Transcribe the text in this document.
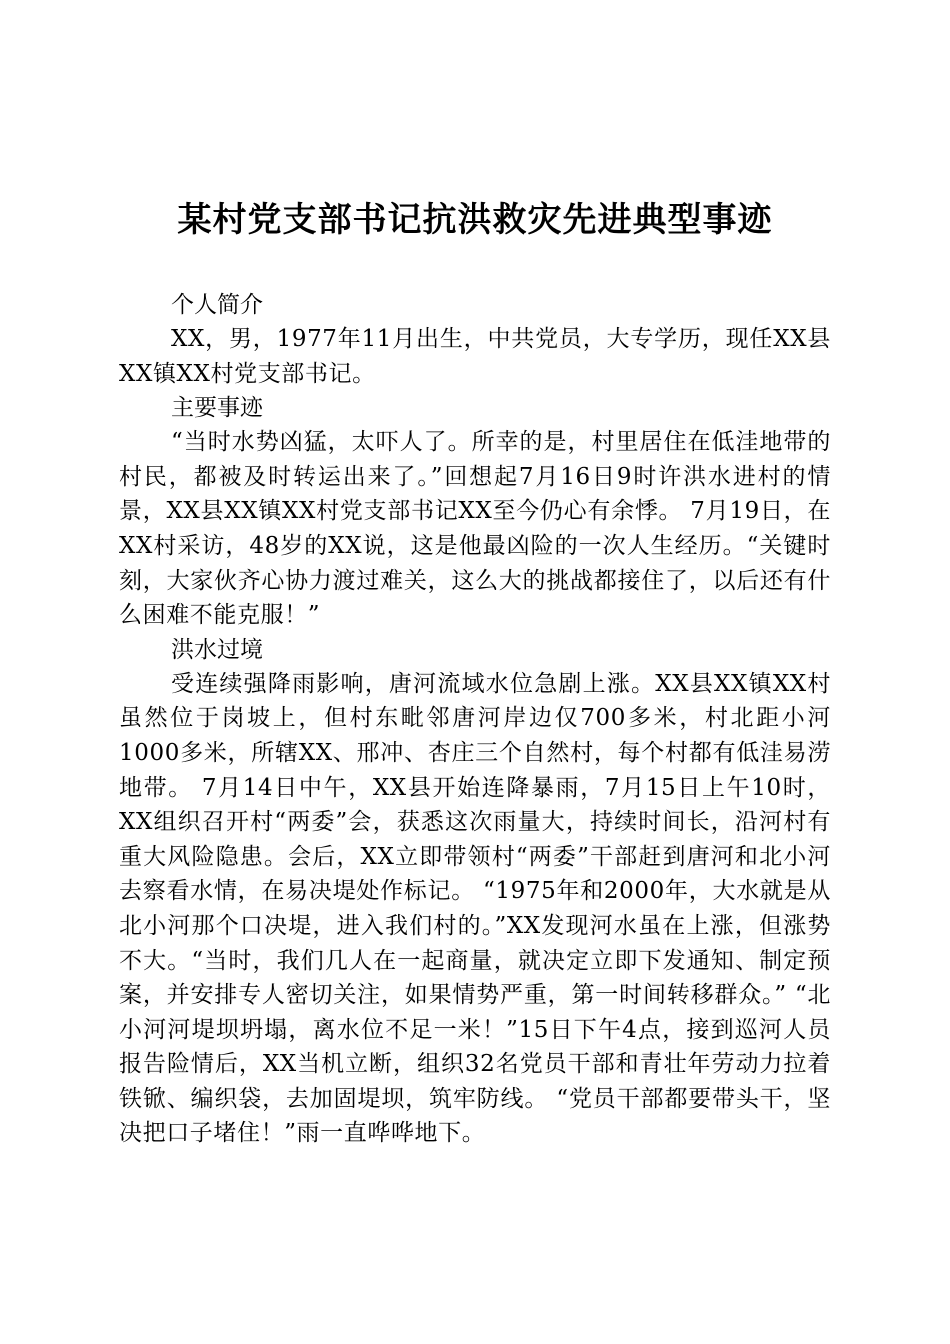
某村党支部书记抗洪救灾先进典型事迹

个人简介

XX，男，1977年11月出生，中共党员，大专学历，现任XX县XX镇XX村党支部书记。

主要事迹

“当时水势凶猛，太吓人了。所幸的是，村里居住在低洼地带的村民，都被及时转运出来了。”回想起7月16日9时许洪水进村的情景，XX县XX镇XX村党支部书记XX至今仍心有余悸。 7月19日，在XX村采访，48岁的XX说，这是他最凶险的一次人生经历。“关键时刻，大家伙齐心协力渡过难关，这么大的挑战都接住了，以后还有什么困难不能克服！”

洪水过境

受连续强降雨影响，唐河流域水位急剧上涨。XX县XX镇XX村虽然位于岗坡上，但村东毗邻唐河岸边仅700多米，村北距小河1000多米，所辖XX、邢冲、杏庄三个自然村，每个村都有低洼易涝地带。 7月14日中午，XX县开始连降暴雨，7月15日上午10时，XX组织召开村“两委”会，获悉这次雨量大，持续时间长，沿河村有重大风险隐患。会后，XX立即带领村“两委”干部赶到唐河和北小河去察看水情，在易决堤处作标记。 “1975年和2000年，大水就是从北小河那个口决堤，进入我们村的。”XX发现河水虽在上涨，但涨势不大。“当时，我们几人在一起商量，就决定立即下发通知、制定预案，并安排专人密切关注，如果情势严重，第一时间转移群众。” “北小河河堤坝坍塌，离水位不足一米！”15日下午4点，接到巡河人员报告险情后，XX当机立断，组织32名党员干部和青壮年劳动力拉着铁锨、编织袋，去加固堤坝，筑牢防线。 “党员干部都要带头干，坚决把口子堵住！”雨一直哗哗地下。
